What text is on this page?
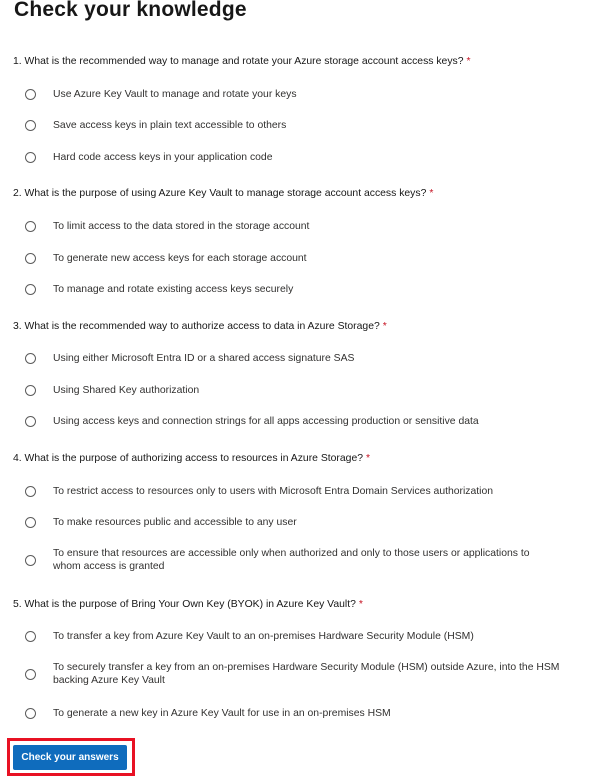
Check your knowledge
1. What is the recommended way to manage and rotate your Azure storage account access keys? *
Use Azure Key Vault to manage and rotate your keys
Save access keys in plain text accessible to others
Hard code access keys in your application code
2. What is the purpose of using Azure Key Vault to manage storage account access keys? *
To limit access to the data stored in the storage account
To generate new access keys for each storage account
To manage and rotate existing access keys securely
3. What is the recommended way to authorize access to data in Azure Storage? *
Using either Microsoft Entra ID or a shared access signature SAS
Using Shared Key authorization
Using access keys and connection strings for all apps accessing production or sensitive data
4. What is the purpose of authorizing access to resources in Azure Storage? *
To restrict access to resources only to users with Microsoft Entra Domain Services authorization
To make resources public and accessible to any user
To ensure that resources are accessible only when authorized and only to those users or applications to whom access is granted
5. What is the purpose of Bring Your Own Key (BYOK) in Azure Key Vault? *
To transfer a key from Azure Key Vault to an on-premises Hardware Security Module (HSM)
To securely transfer a key from an on-premises Hardware Security Module (HSM) outside Azure, into the HSM backing Azure Key Vault
To generate a new key in Azure Key Vault for use in an on-premises HSM
Check your answers
